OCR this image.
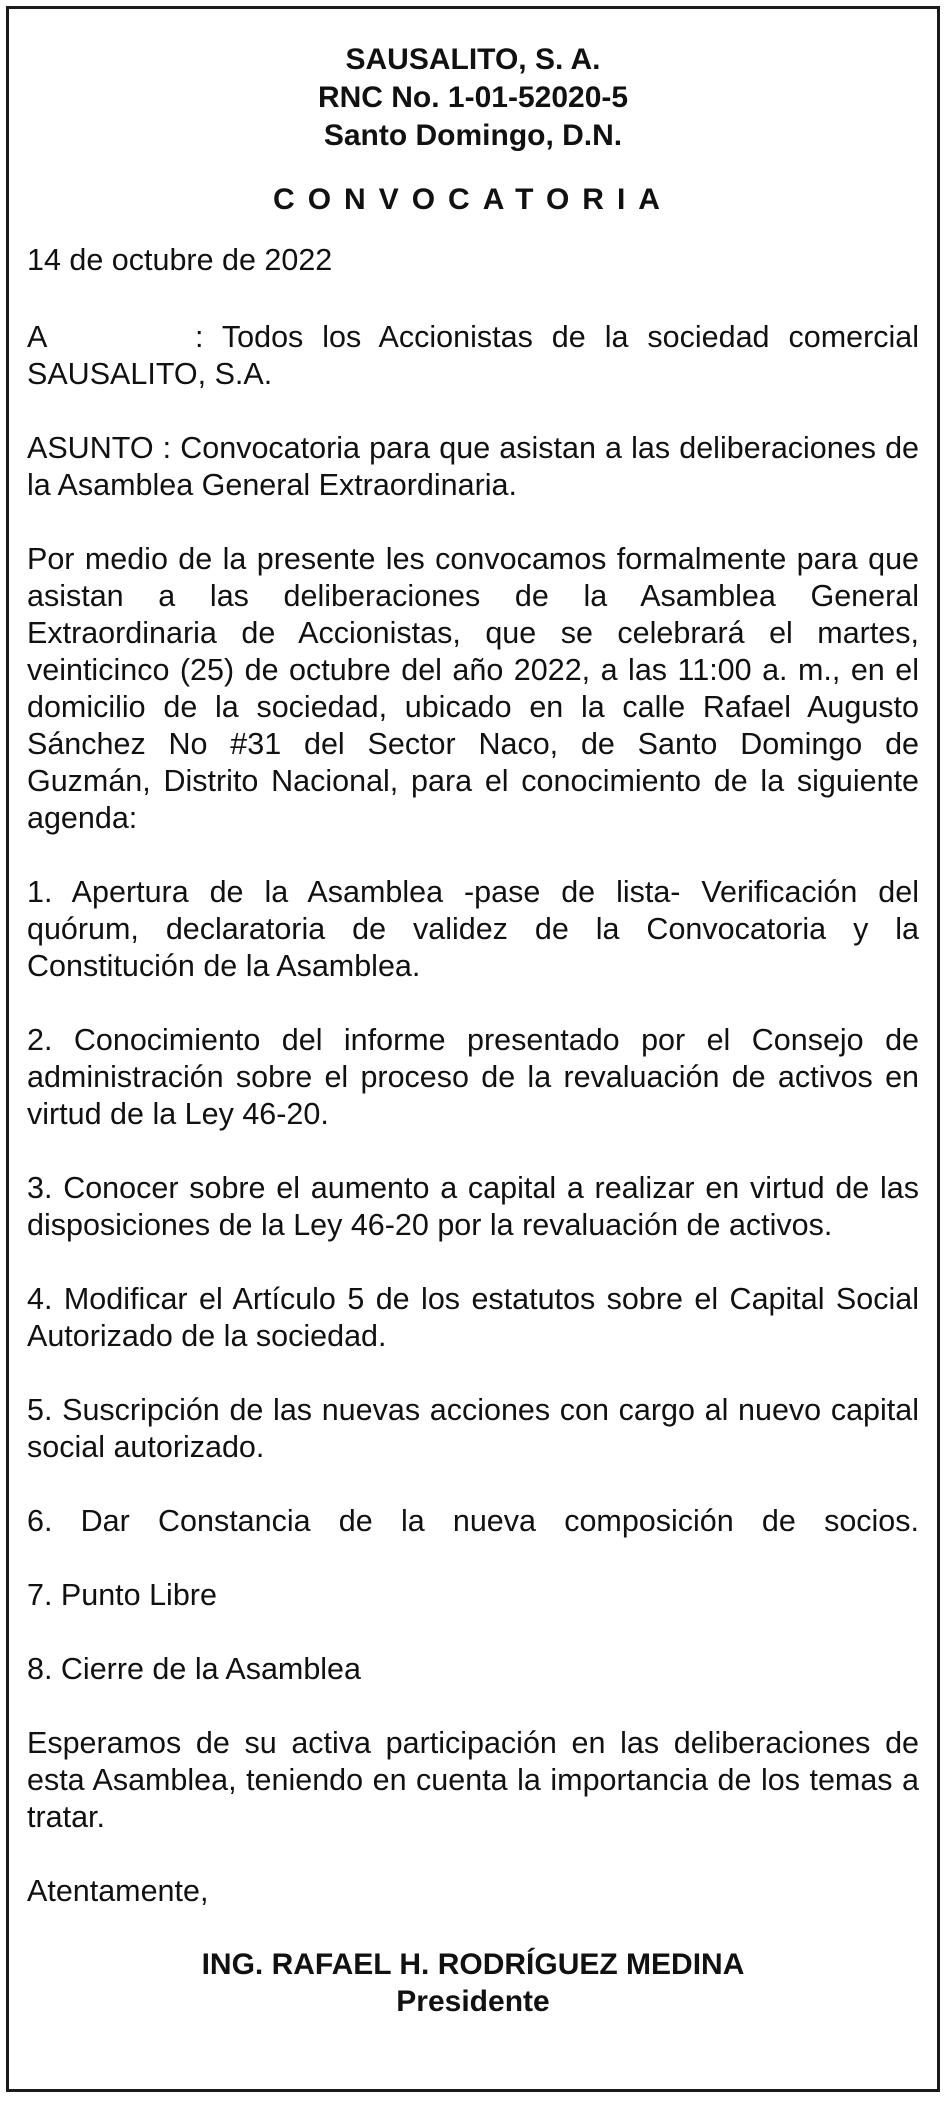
SAUSALITO, S. A.
RNC No. 1-01-52020-5
Santo Domingo, D.N.
CONVOCATORIA
14 de octubre de 2022
A	: Todos los Accionistas de la sociedad comercial SAUSALITO, S.A.
ASUNTO : Convocatoria para que asistan a las deliberaciones de la Asamblea General Extraordinaria.
Por medio de la presente les convocamos formalmente para que asistan a las deliberaciones de la Asamblea General Extraordinaria de Accionistas, que se celebrará el martes, veinticinco (25) de octubre del año 2022, a las 11:00 a. m., en el domicilio de la sociedad, ubicado en la calle Rafael Augusto Sánchez No #31 del Sector Naco, de Santo Domingo de Guzmán, Distrito Nacional, para el conocimiento de la siguiente agenda:
1. Apertura de la Asamblea -pase de lista- Verificación del quórum, declaratoria de validez de la Convocatoria y la Constitución de la Asamblea.
2. Conocimiento del informe presentado por el Consejo de administración sobre el proceso de la revaluación de activos en virtud de la Ley 46-20.
3. Conocer sobre el aumento a capital a realizar en virtud de las disposiciones de la Ley 46-20 por la revaluación de activos.
4. Modificar el Artículo 5 de los estatutos sobre el Capital Social Autorizado de la sociedad.
5. Suscripción de las nuevas acciones con cargo al nuevo capital social autorizado.
6. Dar Constancia de la nueva composición de socios.
7. Punto Libre
8. Cierre de la Asamblea
Esperamos de su activa participación en las deliberaciones de esta Asamblea, teniendo en cuenta la importancia de los temas a tratar.
Atentamente,
ING. RAFAEL H. RODRÍGUEZ MEDINA
Presidente
